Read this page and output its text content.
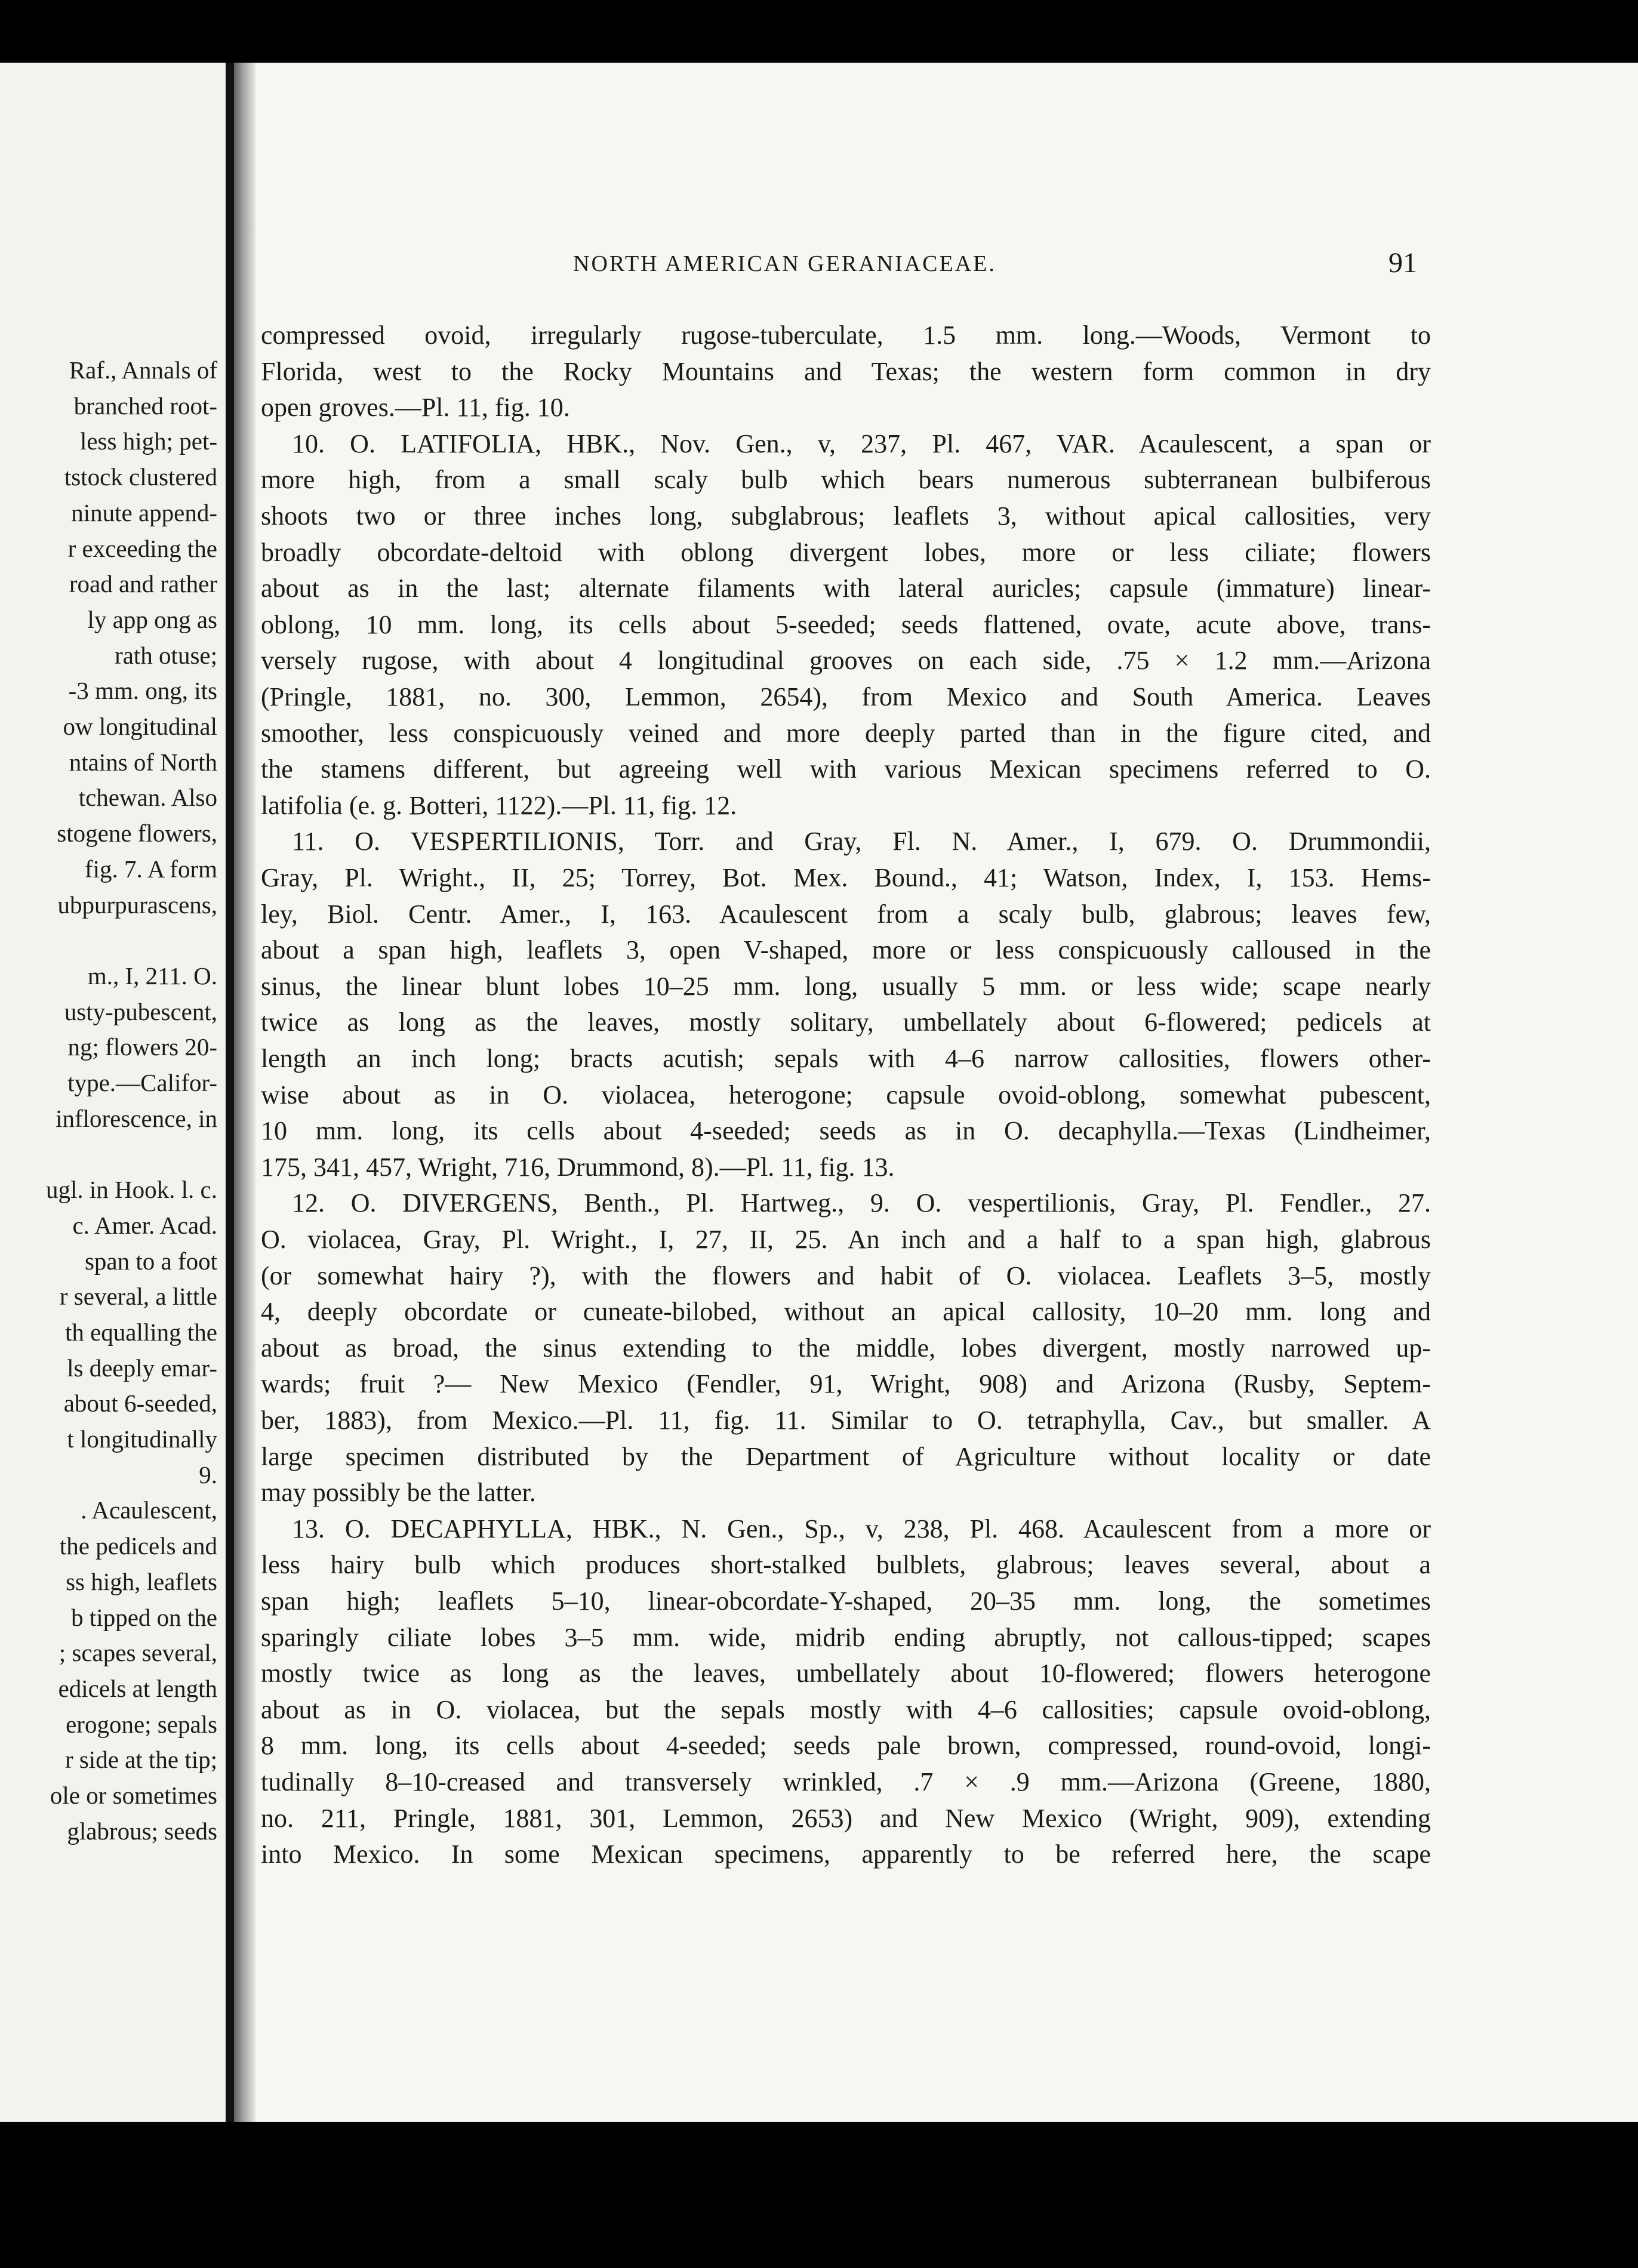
Raf., Annals of
branched root-
less high; pet-
tstock clustered
ninute append-
r exceeding the
road and rather
ly app ong as
rath otuse;
-3 mm. ong, its
ow longitudinal
ntains of North
tchewan. Also
stogene flowers,
fig. 7. A form
ubpurpurascens,
m., I, 211. O.
usty-pubescent,
ng; flowers 20-
type.—Califor-
inflorescence, in
ugl. in Hook. l. c.
c. Amer. Acad.
span to a foot
r several, a little
th equalling the
ls deeply emar-
about 6-seeded,
t longitudinally
9.
. Acaulescent,
the pedicels and
ss high, leaflets
b tipped on the
; scapes several,
edicels at length
erogone; sepals
r side at the tip;
ole or sometimes
glabrous; seeds
NORTH AMERICAN GERANIACEAE.	91
compressed ovoid, irregularly rugose-tuberculate, 1.5 mm. long.—Woods, Vermont to
Florida, west to the Rocky Mountains and Texas; the western form common in dry
open groves.—Pl. 11, fig. 10.
10. O. LATIFOLIA, HBK., Nov. Gen., v, 237, Pl. 467, VAR. Acaulescent, a span or
more high, from a small scaly bulb which bears numerous subterranean bulbiferous
shoots two or three inches long, subglabrous; leaflets 3, without apical callosities, very
broadly obcordate-deltoid with oblong divergent lobes, more or less ciliate; flowers
about as in the last; alternate filaments with lateral auricles; capsule (immature) linear-
oblong, 10 mm. long, its cells about 5-seeded; seeds flattened, ovate, acute above, trans-
versely rugose, with about 4 longitudinal grooves on each side, .75 × 1.2 mm.—Arizona
(Pringle, 1881, no. 300, Lemmon, 2654), from Mexico and South America. Leaves
smoother, less conspicuously veined and more deeply parted than in the figure cited, and
the stamens different, but agreeing well with various Mexican specimens referred to O.
latifolia (e. g. Botteri, 1122).—Pl. 11, fig. 12.
11. O. VESPERTILIONIS, Torr. and Gray, Fl. N. Amer., I, 679. O. Drummondii,
Gray, Pl. Wright., II, 25; Torrey, Bot. Mex. Bound., 41; Watson, Index, I, 153. Hems-
ley, Biol. Centr. Amer., I, 163. Acaulescent from a scaly bulb, glabrous; leaves few,
about a span high, leaflets 3, open V-shaped, more or less conspicuously calloused in the
sinus, the linear blunt lobes 10–25 mm. long, usually 5 mm. or less wide; scape nearly
twice as long as the leaves, mostly solitary, umbellately about 6-flowered; pedicels at
length an inch long; bracts acutish; sepals with 4–6 narrow callosities, flowers other-
wise about as in O. violacea, heterogone; capsule ovoid-oblong, somewhat pubescent,
10 mm. long, its cells about 4-seeded; seeds as in O. decaphylla.—Texas (Lindheimer,
175, 341, 457, Wright, 716, Drummond, 8).—Pl. 11, fig. 13.
12. O. DIVERGENS, Benth., Pl. Hartweg., 9. O. vespertilionis, Gray, Pl. Fendler., 27.
O. violacea, Gray, Pl. Wright., I, 27, II, 25. An inch and a half to a span high, glabrous
(or somewhat hairy ?), with the flowers and habit of O. violacea. Leaflets 3–5, mostly
4, deeply obcordate or cuneate-bilobed, without an apical callosity, 10–20 mm. long and
about as broad, the sinus extending to the middle, lobes divergent, mostly narrowed up-
wards; fruit ?— New Mexico (Fendler, 91, Wright, 908) and Arizona (Rusby, Septem-
ber, 1883), from Mexico.—Pl. 11, fig. 11. Similar to O. tetraphylla, Cav., but smaller. A
large specimen distributed by the Department of Agriculture without locality or date
may possibly be the latter.
13. O. DECAPHYLLA, HBK., N. Gen., Sp., v, 238, Pl. 468. Acaulescent from a more or
less hairy bulb which produces short-stalked bulblets, glabrous; leaves several, about a
span high; leaflets 5–10, linear-obcordate-Y-shaped, 20–35 mm. long, the sometimes
sparingly ciliate lobes 3–5 mm. wide, midrib ending abruptly, not callous-tipped; scapes
mostly twice as long as the leaves, umbellately about 10-flowered; flowers heterogone
about as in O. violacea, but the sepals mostly with 4–6 callosities; capsule ovoid-oblong,
8 mm. long, its cells about 4-seeded; seeds pale brown, compressed, round-ovoid, longi-
tudinally 8–10-creased and transversely wrinkled, .7 × .9 mm.—Arizona (Greene, 1880,
no. 211, Pringle, 1881, 301, Lemmon, 2653) and New Mexico (Wright, 909), extending
into Mexico. In some Mexican specimens, apparently to be referred here, the scape
